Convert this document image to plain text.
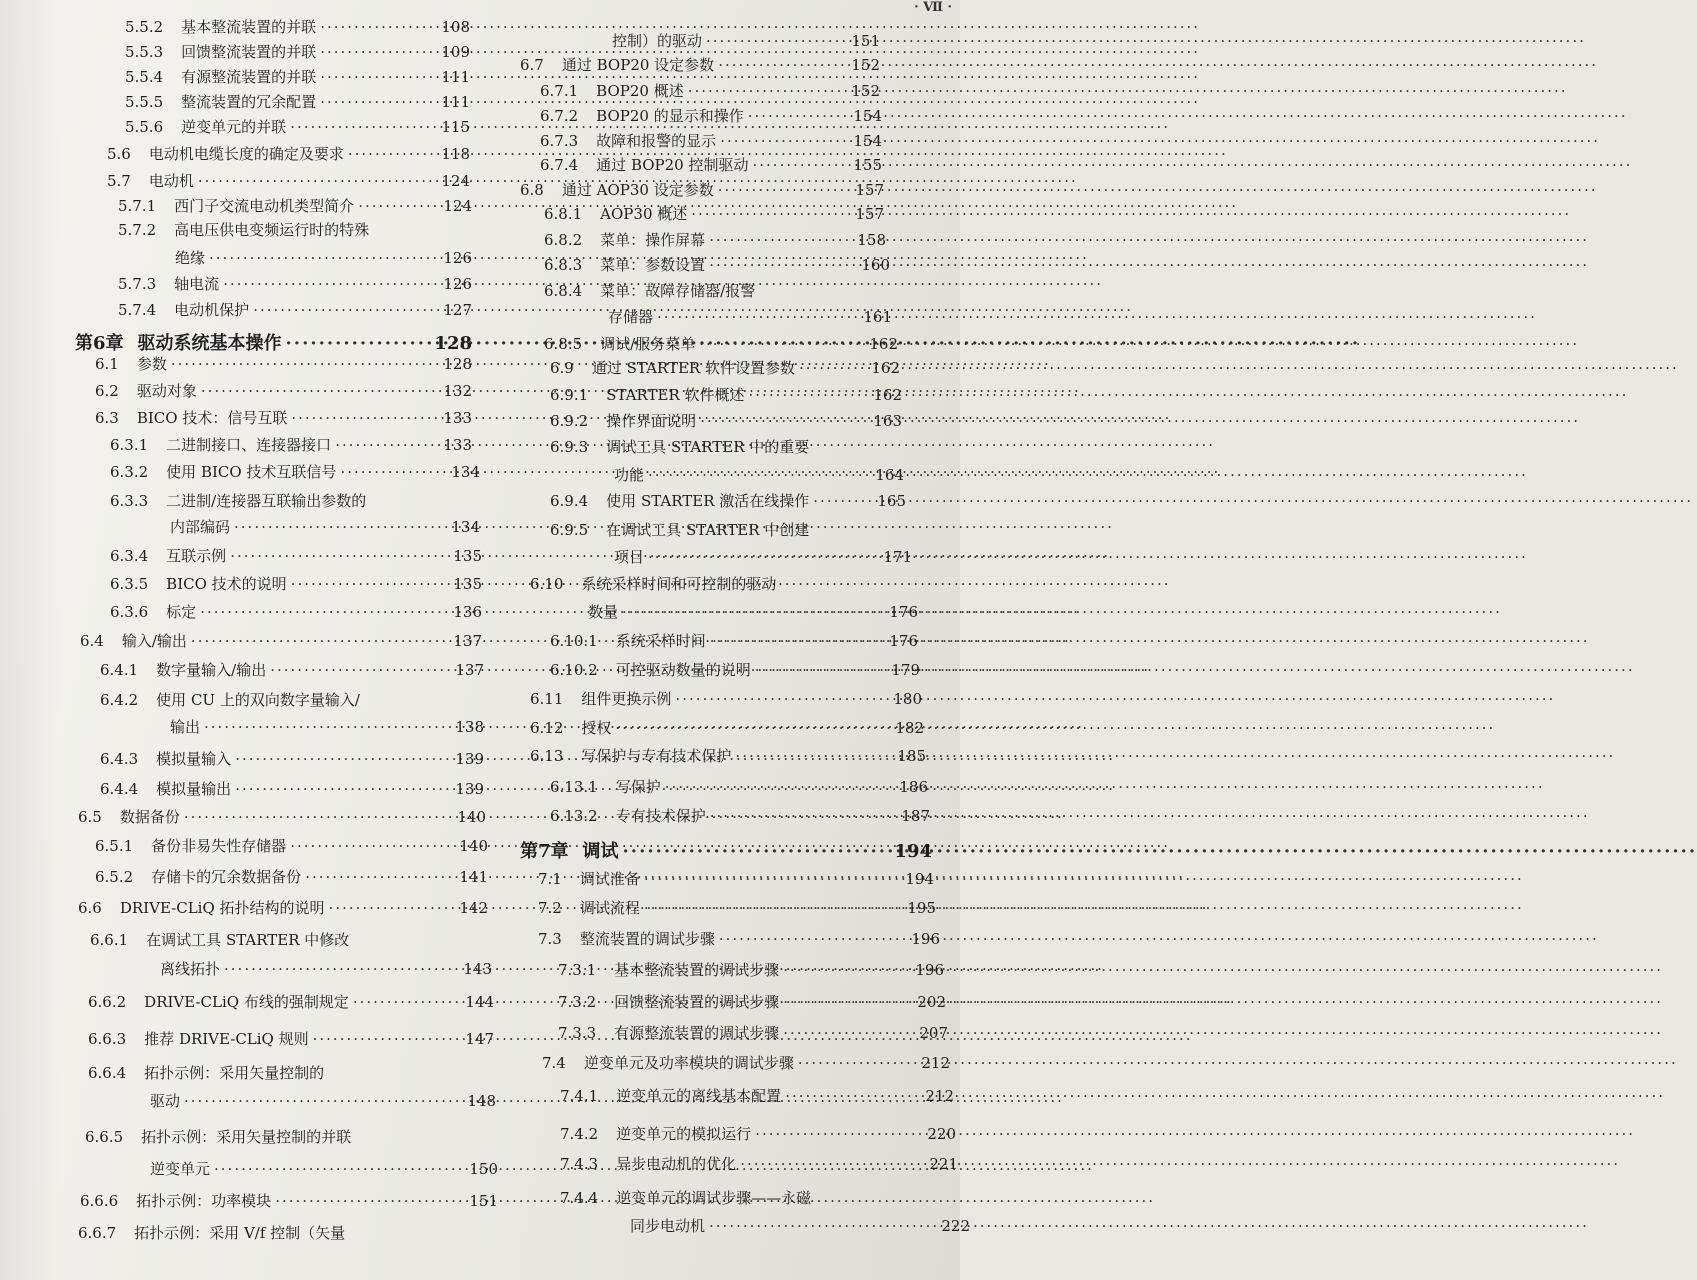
· Ⅶ ·
5.5.2 基本整流装置的并联 ·····	108
5.5.3 回馈整流装置的并联 ·····	109
5.5.4 有源整流装置的并联 ·····	111
5.5.5 整流装置的冗余配置 ·····	111
5.5.6 逆变单元的并联 ·····	115
5.6 电动机电缆长度的确定及要求 ·····	118
5.7 电动机 ·····	124
5.7.1 西门子交流电动机类型简介 ·····	124
5.7.2 高电压供电变频运行时的特殊
绝缘 ·····	126
5.7.3 轴电流 ·····	126
5.7.4 电动机保护 ·····	127
第6章 驱动系统基本操作 ·····	128
6.1 参数 ·····	128
6.2 驱动对象 ·····	132
6.3 BICO 技术：信号互联 ·····	133
6.3.1 二进制接口、连接器接口 ·····	133
6.3.2 使用 BICO 技术互联信号 ·····	134
6.3.3 二进制/连接器互联输出参数的
内部编码 ·····	134
6.3.4 互联示例 ·····	135
6.3.5 BICO 技术的说明 ·····	135
6.3.6 标定 ·····	136
6.4 输入/输出 ·····	137
6.4.1 数字量输入/输出 ·····	137
6.4.2 使用 CU 上的双向数字量输入/
输出 ·····	138
6.4.3 模拟量输入 ·····	139
6.4.4 模拟量输出 ·····	139
6.5 数据备份 ·····	140
6.5.1 备份非易失性存储器 ·····	140
6.5.2 存储卡的冗余数据备份 ·····	141
6.6 DRIVE-CLiQ 拓扑结构的说明 ·····	142
6.6.1 在调试工具 STARTER 中修改
离线拓扑 ·····	143
6.6.2 DRIVE-CLiQ 布线的强制规定 ·····	144
6.6.3 推荐 DRIVE-CLiQ 规则 ·····	147
6.6.4 拓扑示例：采用矢量控制的
驱动 ·····	148
6.6.5 拓扑示例：采用矢量控制的并联
逆变单元 ·····	150
6.6.6 拓扑示例：功率模块 ·····	151
6.6.7 拓扑示例：采用 V/f 控制（矢量
控制）的驱动 ·····	151
6.7 通过 BOP20 设定参数 ·····	152
6.7.1 BOP20 概述 ·····	152
6.7.2 BOP20 的显示和操作 ·····	154
6.7.3 故障和报警的显示 ·····	154
6.7.4 通过 BOP20 控制驱动 ·····	155
6.8 通过 AOP30 设定参数 ·····	157
6.8.1 AOP30 概述 ·····	157
6.8.2 菜单：操作屏幕 ·····	158
6.8.3 菜单：参数设置 ·····	160
6.8.4 菜单：故障存储器/报警
存储器 ·····	161
6.8.5 调试/服务菜单 ·····	162
6.9 通过 STARTER 软件设置参数 ·····	162
6.9.1 STARTER 软件概述 ·····	162
6.9.2 操作界面说明 ·····	163
6.9.3 调试工具 STARTER 中的重要
功能 ·····	164
6.9.4 使用 STARTER 激活在线操作 ·····	165
6.9.5 在调试工具 STARTER 中创建
项目 ·····	171
6.10 系统采样时间和可控制的驱动
数量 ·····	176
6.10.1 系统采样时间 ·····	176
6.10.2 可控驱动数量的说明 ·····	179
6.11 组件更换示例 ·····	180
6.12 授权 ·····	182
6.13 写保护与专有技术保护 ·····	185
6.13.1 写保护 ·····	186
6.13.2 专有技术保护 ·····	187
第7章 调试 ·····	194
7.1 调试准备 ·····	194
7.2 调试流程 ·····	195
7.3 整流装置的调试步骤 ·····	196
7.3.1 基本整流装置的调试步骤 ·····	196
7.3.2 回馈整流装置的调试步骤 ·····	202
7.3.3 有源整流装置的调试步骤 ·····	207
7.4 逆变单元及功率模块的调试步骤 ·····	212
7.4.1 逆变单元的离线基本配置 ·····	212
7.4.2 逆变单元的模拟运行 ·····	220
7.4.3 异步电动机的优化 ·····	221
7.4.4 逆变单元的调试步骤——永磁
同步电动机 ·····	222
